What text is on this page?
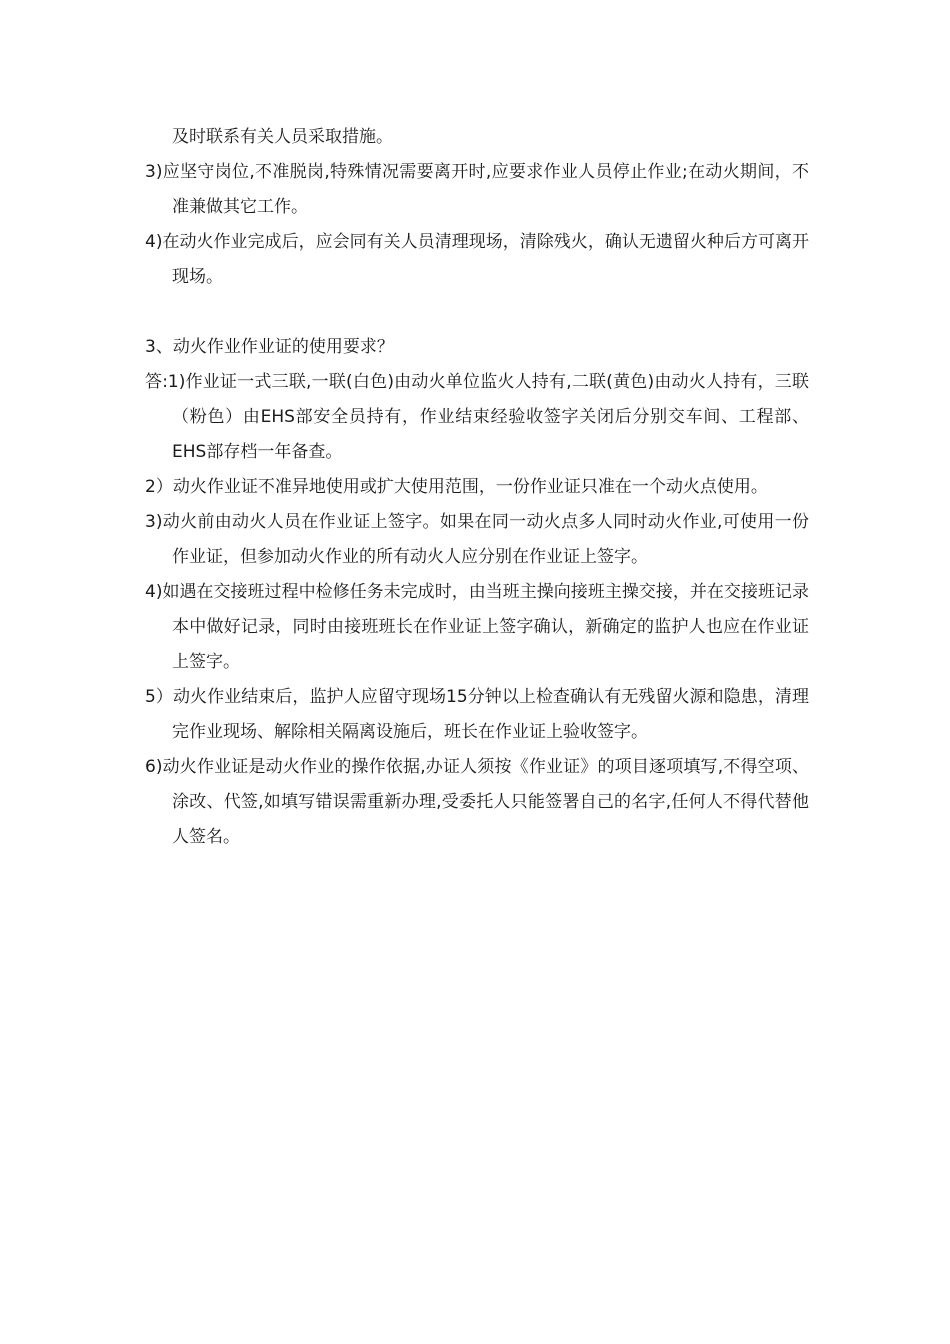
及时联系有关人员采取措施。

3)应坚守岗位,不准脱岗,特殊情况需要离开时,应要求作业人员停止作业;在动火期间，不准兼做其它工作。

4)在动火作业完成后，应会同有关人员清理现场，清除残火，确认无遗留火种后方可离开现场。

3、动火作业作业证的使用要求？

答:1)作业证一式三联,一联(白色)由动火单位监火人持有,二联(黄色)由动火人持有，三联（粉色）由EHS部安全员持有，作业结束经验收签字关闭后分别交车间、工程部、EHS部存档一年备查。

2）动火作业证不准异地使用或扩大使用范围，一份作业证只准在一个动火点使用。

3)动火前由动火人员在作业证上签字。如果在同一动火点多人同时动火作业,可使用一份作业证，但参加动火作业的所有动火人应分别在作业证上签字。

4)如遇在交接班过程中检修任务未完成时，由当班主操向接班主操交接，并在交接班记录本中做好记录，同时由接班班长在作业证上签字确认，新确定的监护人也应在作业证上签字。

5）动火作业结束后，监护人应留守现场15分钟以上检查确认有无残留火源和隐患，清理完作业现场、解除相关隔离设施后，班长在作业证上验收签字。

6)动火作业证是动火作业的操作依据,办证人须按《作业证》的项目逐项填写,不得空项、涂改、代签,如填写错误需重新办理,受委托人只能签署自己的名字,任何人不得代替他人签名。
